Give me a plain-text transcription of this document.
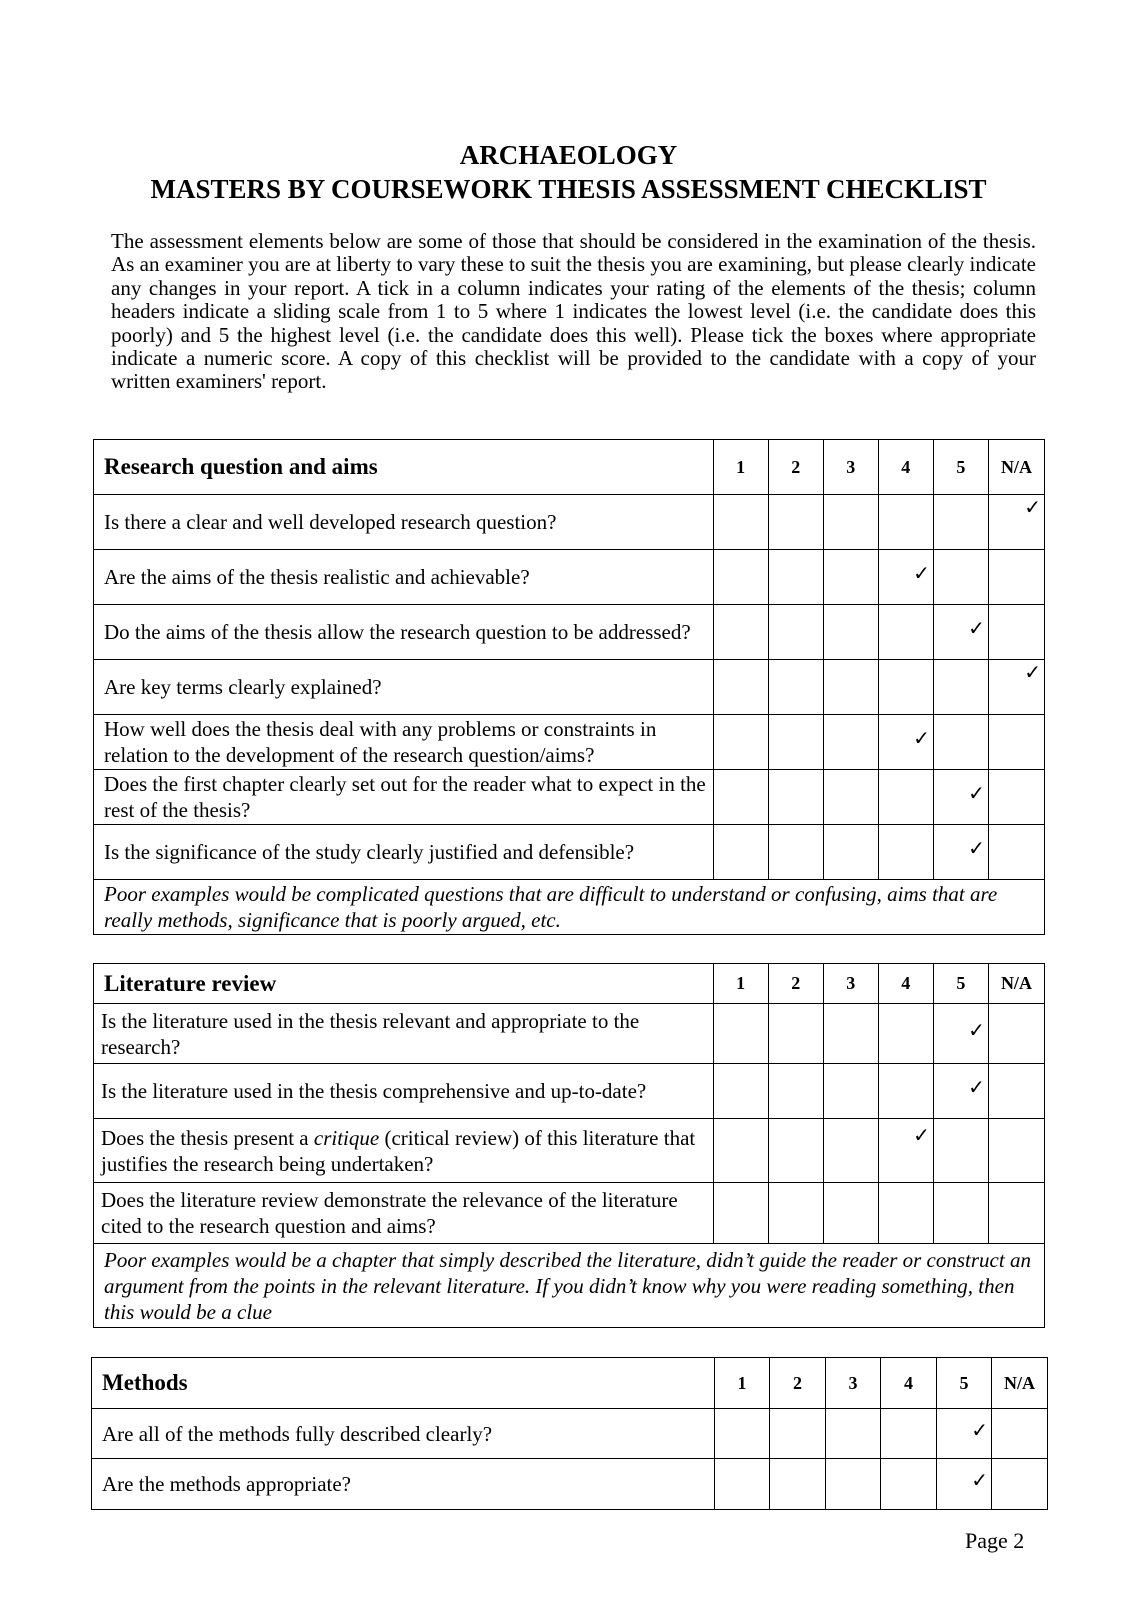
ARCHAEOLOGY
MASTERS BY COURSEWORK THESIS ASSESSMENT CHECKLIST
The assessment elements below are some of those that should be considered in the examination of the thesis. As an examiner you are at liberty to vary these to suit the thesis you are examining, but please clearly indicate any changes in your report. A tick in a column indicates your rating of the elements of the thesis; column headers indicate a sliding scale from 1 to 5 where 1 indicates the lowest level (i.e. the candidate does this poorly) and 5 the highest level (i.e. the candidate does this well). Please tick the boxes where appropriate indicate a numeric score. A copy of this checklist will be provided to the candidate with a copy of your written examiners' report.
Research question and aims	1	2	3	4	5	N/A
Is there a clear and well developed research question?						✓

Are the aims of the thesis realistic and achievable?				✓		

Do the aims of the thesis allow the research question to be addressed?					✓	

Are key terms clearly explained?						✓

How well does the thesis deal with any problems or constraints in relation to the development of the research question/aims?				✓		

Does the first chapter clearly set out for the reader what to expect in the rest of the thesis?					✓	

Is the significance of the study clearly justified and defensible?					✓	

Poor examples would be complicated questions that are difficult to understand or confusing, aims that are really methods, significance that is poorly argued, etc.						
Literature review	1	2	3	4	5	N/A
Is the literature used in the thesis relevant and appropriate to the research?					✓	

Is the literature used in the thesis comprehensive and up-to-date?					✓	

Does the thesis present a critique (critical review) of this literature that justifies the research being undertaken?				✓		

Does the literature review demonstrate the relevance of the literature cited to the research question and aims?						
Poor examples would be a chapter that simply described the literature, didn’t guide the reader or construct an argument from the points in the relevant literature. If you didn’t know why you were reading something, then this would be a clue						
Methods	1	2	3	4	5	N/A
Are all of the methods fully described clearly?					✓	

Are the methods appropriate?					✓	

Page 2
